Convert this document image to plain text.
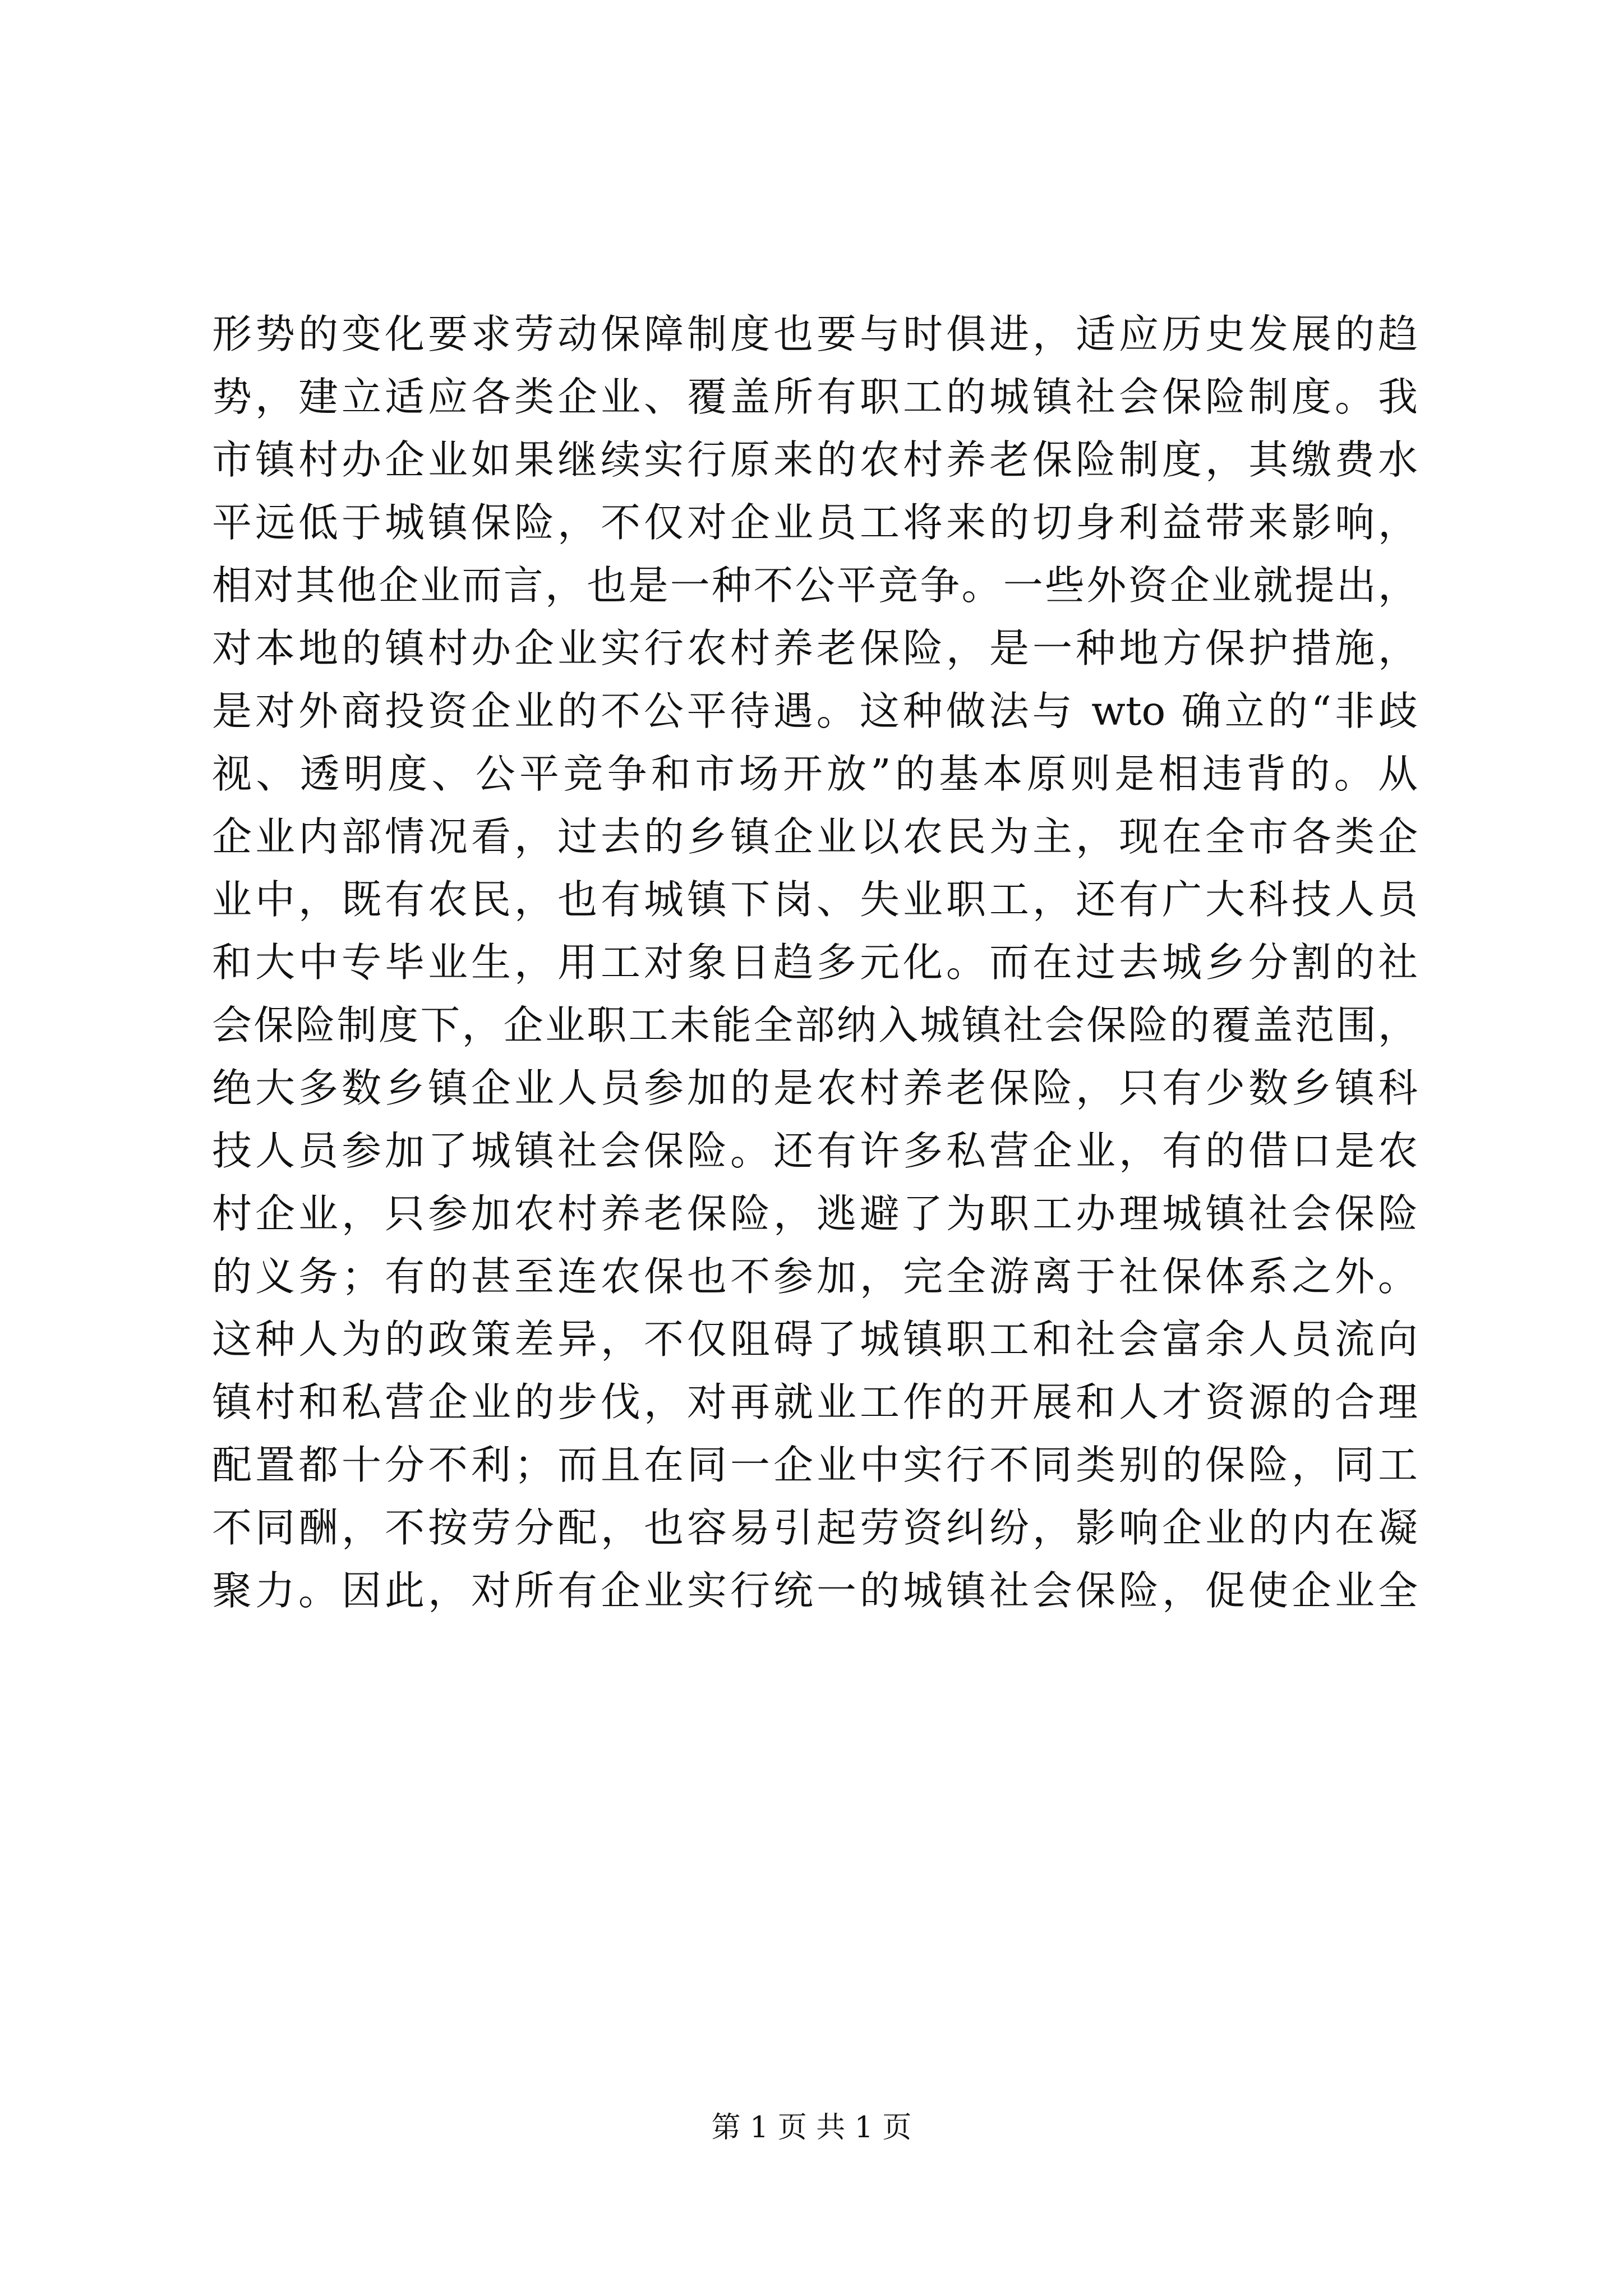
形势的变化要求劳动保障制度也要与时俱进，适应历史发展的趋
势，建立适应各类企业、覆盖所有职工的城镇社会保险制度。我
市镇村办企业如果继续实行原来的农村养老保险制度，其缴费水
平远低于城镇保险，不仅对企业员工将来的切身利益带来影响，
相对其他企业而言，也是一种不公平竞争。一些外资企业就提出，
对本地的镇村办企业实行农村养老保险，是一种地方保护措施，
是对外商投资企业的不公平待遇。这种做法与 wto 确立的“非歧
视、透明度、公平竞争和市场开放”的基本原则是相违背的。从
企业内部情况看，过去的乡镇企业以农民为主，现在全市各类企
业中，既有农民，也有城镇下岗、失业职工，还有广大科技人员
和大中专毕业生，用工对象日趋多元化。而在过去城乡分割的社
会保险制度下，企业职工未能全部纳入城镇社会保险的覆盖范围，
绝大多数乡镇企业人员参加的是农村养老保险，只有少数乡镇科
技人员参加了城镇社会保险。还有许多私营企业，有的借口是农
村企业，只参加农村养老保险，逃避了为职工办理城镇社会保险
的义务；有的甚至连农保也不参加，完全游离于社保体系之外。
这种人为的政策差异，不仅阻碍了城镇职工和社会富余人员流向
镇村和私营企业的步伐，对再就业工作的开展和人才资源的合理
配置都十分不利；而且在同一企业中实行不同类别的保险，同工
不同酬，不按劳分配，也容易引起劳资纠纷，影响企业的内在凝
聚力。因此，对所有企业实行统一的城镇社会保险，促使企业全
第 1 页 共 1 页
